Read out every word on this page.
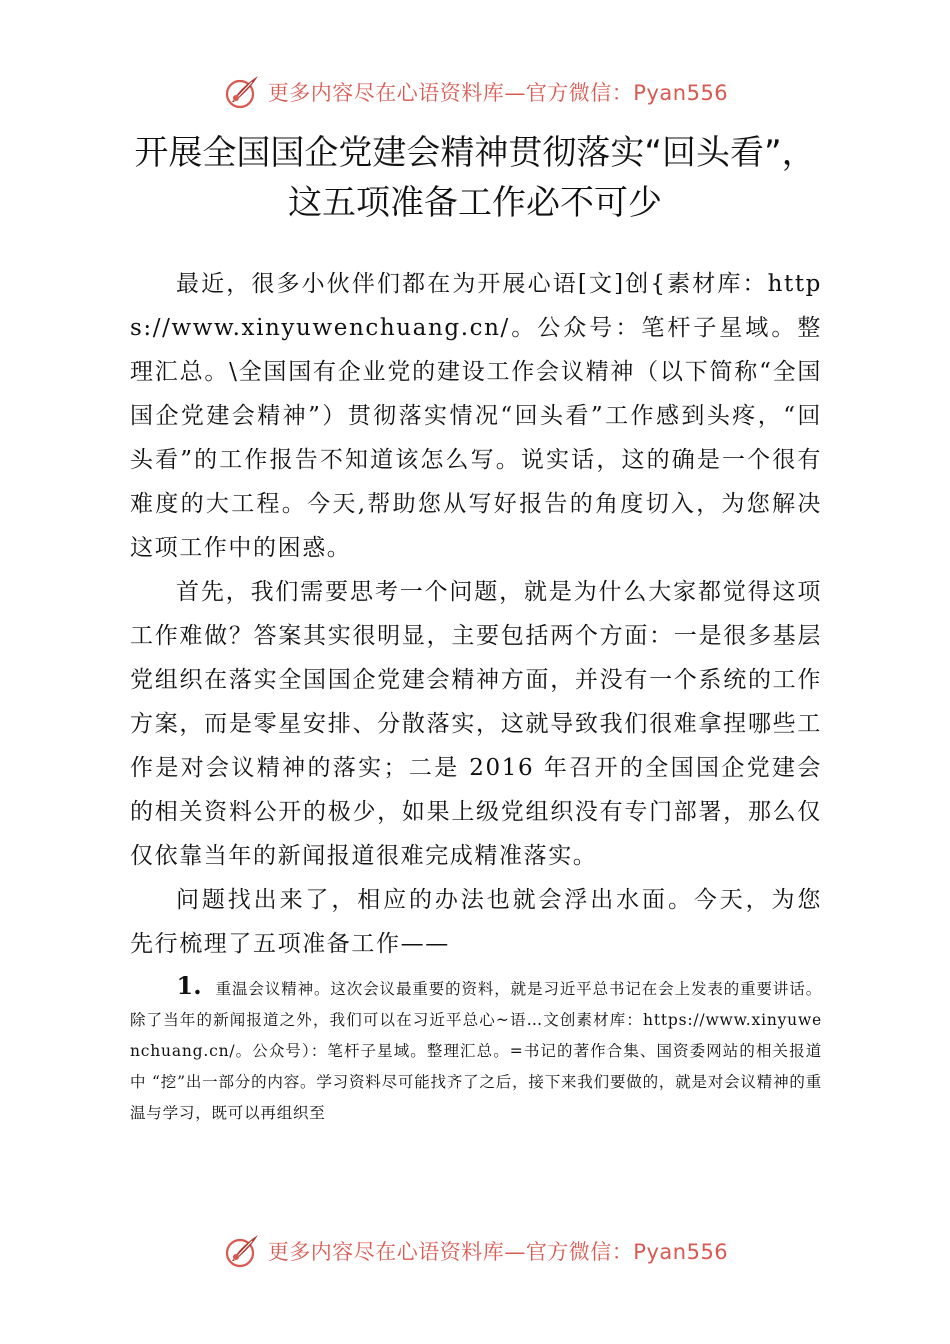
更多内容尽在心语资料库—官方微信：Pyan556
开展全国国企党建会精神贯彻落实“回头看”，
这五项准备工作必不可少

最近，很多小伙伴们都在为开展心语[文]创{素材库：https://www.xinyuwenchuang.cn/。公众号：笔杆子星域。整理汇总。\全国国有企业党的建设工作会议精神（以下简称“全国国企党建会精神”）贯彻落实情况“回头看”工作感到头疼，“回头看”的工作报告不知道该怎么写。说实话，这的确是一个很有难度的大工程。今天,帮助您从写好报告的角度切入，为您解决这项工作中的困惑。

首先，我们需要思考一个问题，就是为什么大家都觉得这项工作难做？答案其实很明显，主要包括两个方面：一是很多基层党组织在落实全国国企党建会精神方面，并没有一个系统的工作方案，而是零星安排、分散落实，这就导致我们很难拿捏哪些工作是对会议精神的落实；二是 2016 年召开的全国国企党建会的相关资料公开的极少，如果上级党组织没有专门部署，那么仅仅依靠当年的新闻报道很难完成精准落实。

问题找出来了，相应的办法也就会浮出水面。今天，为您 先行梳理了五项准备工作——

1. 重温会议精神。这次会议最重要的资料，就是习近平总书记在会上发表的重要讲话。除了当年的新闻报道之外，我们可以在习近平总心~语…文创素材库：https://www.xinyuwenchuang.cn/。公众号）：笔杆子星域。整理汇总。=书记的著作合集、国资委网站的相关报道中 “挖”出一部分的内容。学习资料尽可能找齐了之后，接下来我们要做的，就是对会议精神的重温与学习，既可以再组织至

更多内容尽在心语资料库—官方微信：Pyan556
